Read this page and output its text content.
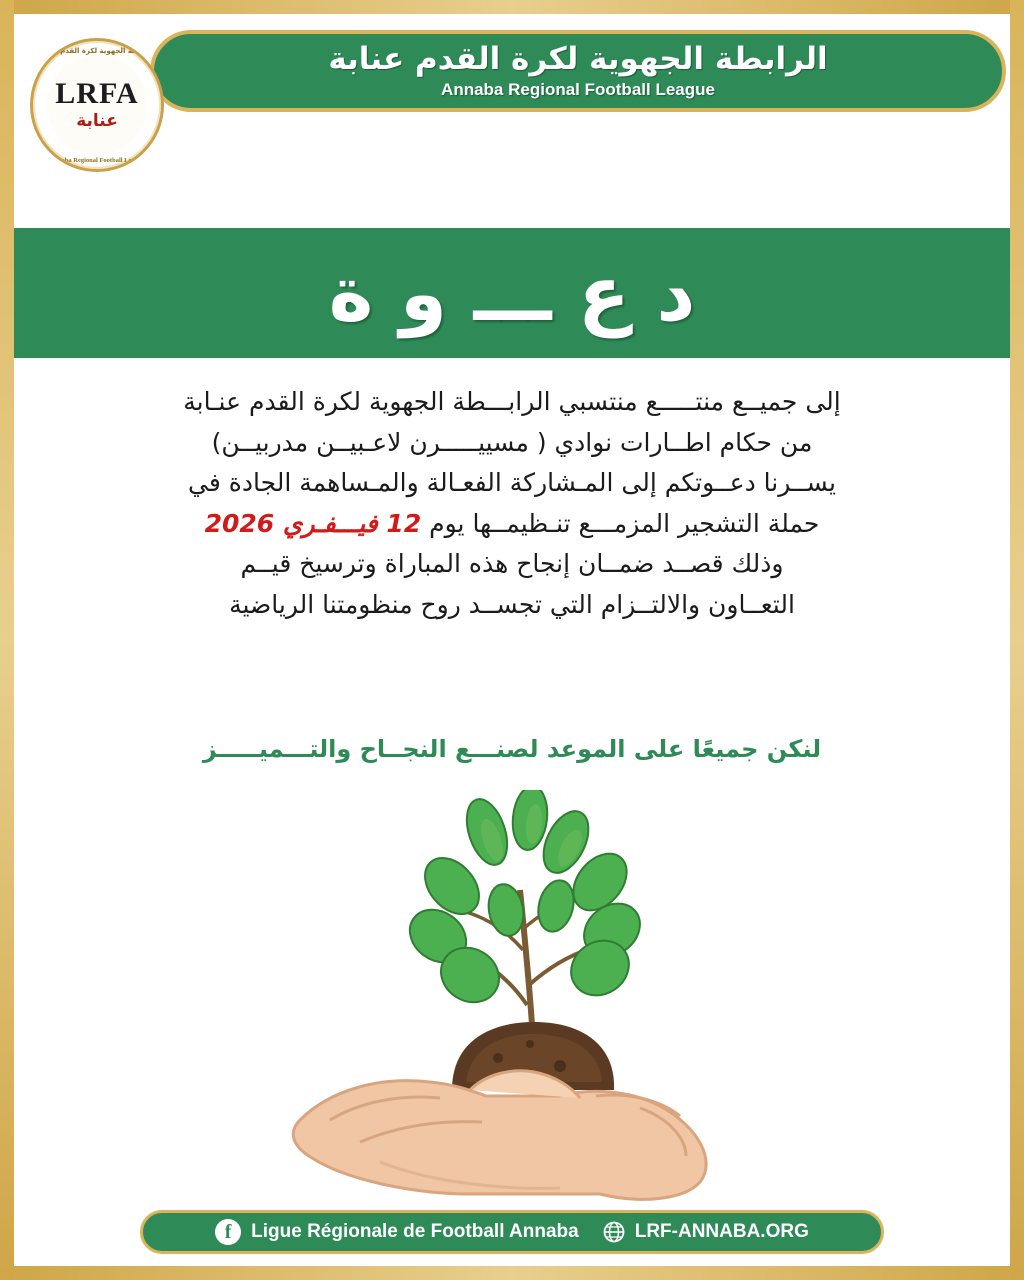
الرابطة الجهوية لكرة القدم عنابة
Annaba Regional Football League
الرابطة الجهوية لكرة القدم عنابة
LRFA
عنابة
Annaba Regional Football League
د ع ـــ و ة

إلى جميــع منتـــــع منتسبي الرابـــطة الجهوية لكرة القدم عنـابة

من حكام اطــارات نوادي ( مسييـــــرن لاعـبيــن مدربيــن)

يســرنا دعــوتكم إلى المـشاركة الفعـالة والمـساهمة الجادة في

حملة التشجير المزمـــع تنـظيمــها يوم 12 فيـــفـري 2026

وذلك قصــد ضمــان إنجاح هذه المباراة وترسيخ قيــم

التعــاون والالتــزام التي تجســد روح منظومتنا الرياضية

لنكن جميعًا على الموعد لصنـــع النجــاح والتـــميـــــز
f	Ligue Régionale de Football Annaba	LRF-ANNABA.ORG
